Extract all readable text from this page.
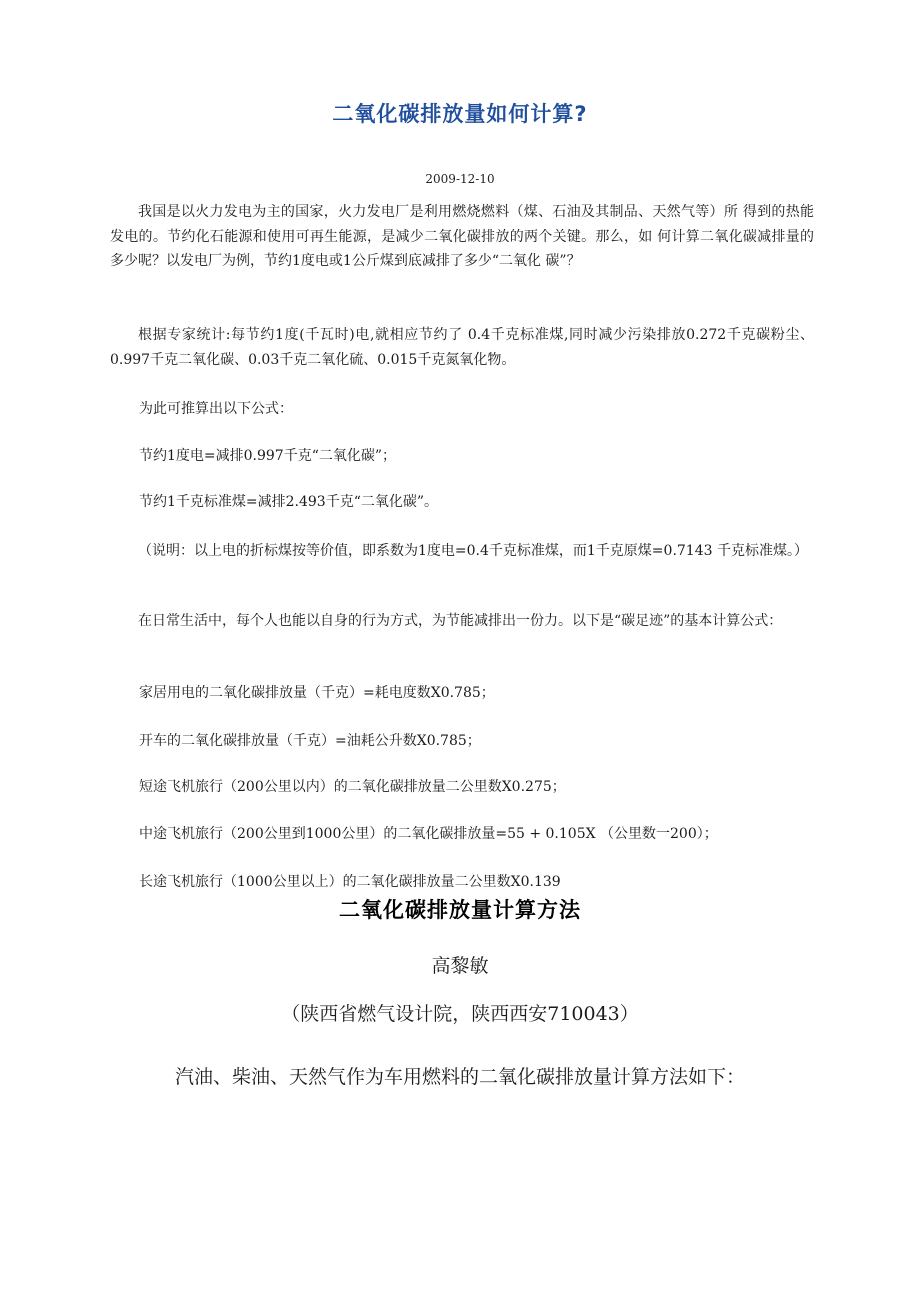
二氧化碳排放量如何计算?

2009-12-10

我国是以火力发电为主的国家，火力发电厂是利用燃烧燃料（煤、石油及其制品、天然气等）所 得到的热能发电的。节约化石能源和使用可再生能源，是减少二氧化碳排放的两个关键。那么，如 何计算二氧化碳减排量的多少呢？以发电厂为例，节约1度电或1公斤煤到底减排了多少“二氧化 碳”？

根据专家统计:每节约1度(千瓦时)电,就相应节约了 0.4千克标准煤,同时减少污染排放0.272千克碳粉尘、0.997千克二氧化碳、0.03千克二氧化硫、0.015千克氮氧化物。

为此可推算出以下公式：

节约1度电=减排0.997千克“二氧化碳”；

节约1千克标准煤=减排2.493千克“二氧化碳”。

（说明：以上电的折标煤按等价值，即系数为1度电=0.4千克标准煤，而1千克原煤=0.7143 千克标准煤。）

在日常生活中，每个人也能以自身的行为方式，为节能减排出一份力。以下是“碳足迹”的基本计算公式：

家居用电的二氧化碳排放量（千克）=耗电度数X0.785；

开车的二氧化碳排放量（千克）=油耗公升数X0.785；

短途飞机旅行（200公里以内）的二氧化碳排放量二公里数X0.275；

中途飞机旅行（200公里到1000公里）的二氧化碳排放量=55 + 0.105X （公里数一200）；

长途飞机旅行（1000公里以上）的二氧化碳排放量二公里数X0.139

二氧化碳排放量计算方法

高黎敏

（陕西省燃气设计院，陕西西安710043）

汽油、柴油、天然气作为车用燃料的二氧化碳排放量计算方法如下：
